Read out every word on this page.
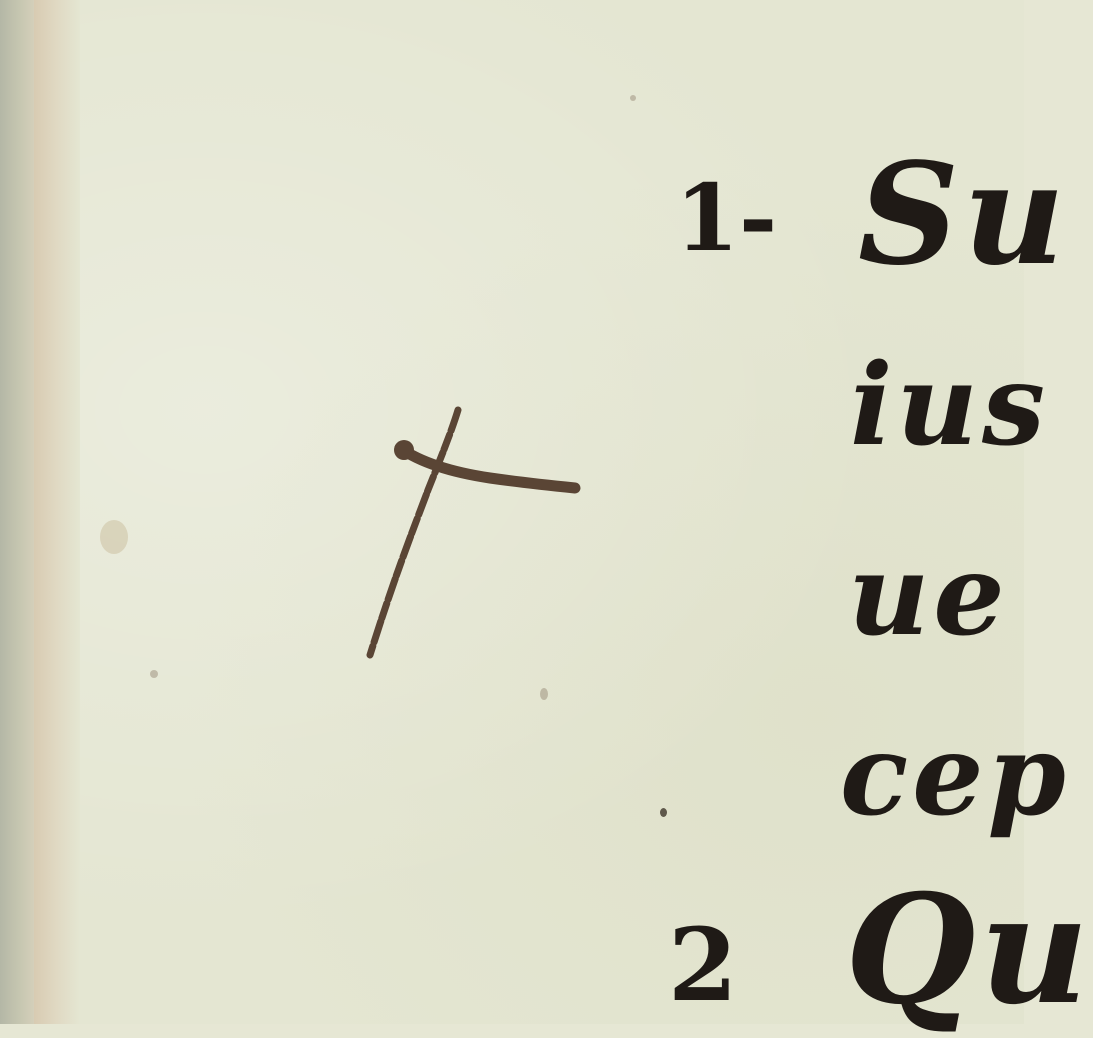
1- Su
ius
ue
cep
2 Qu
